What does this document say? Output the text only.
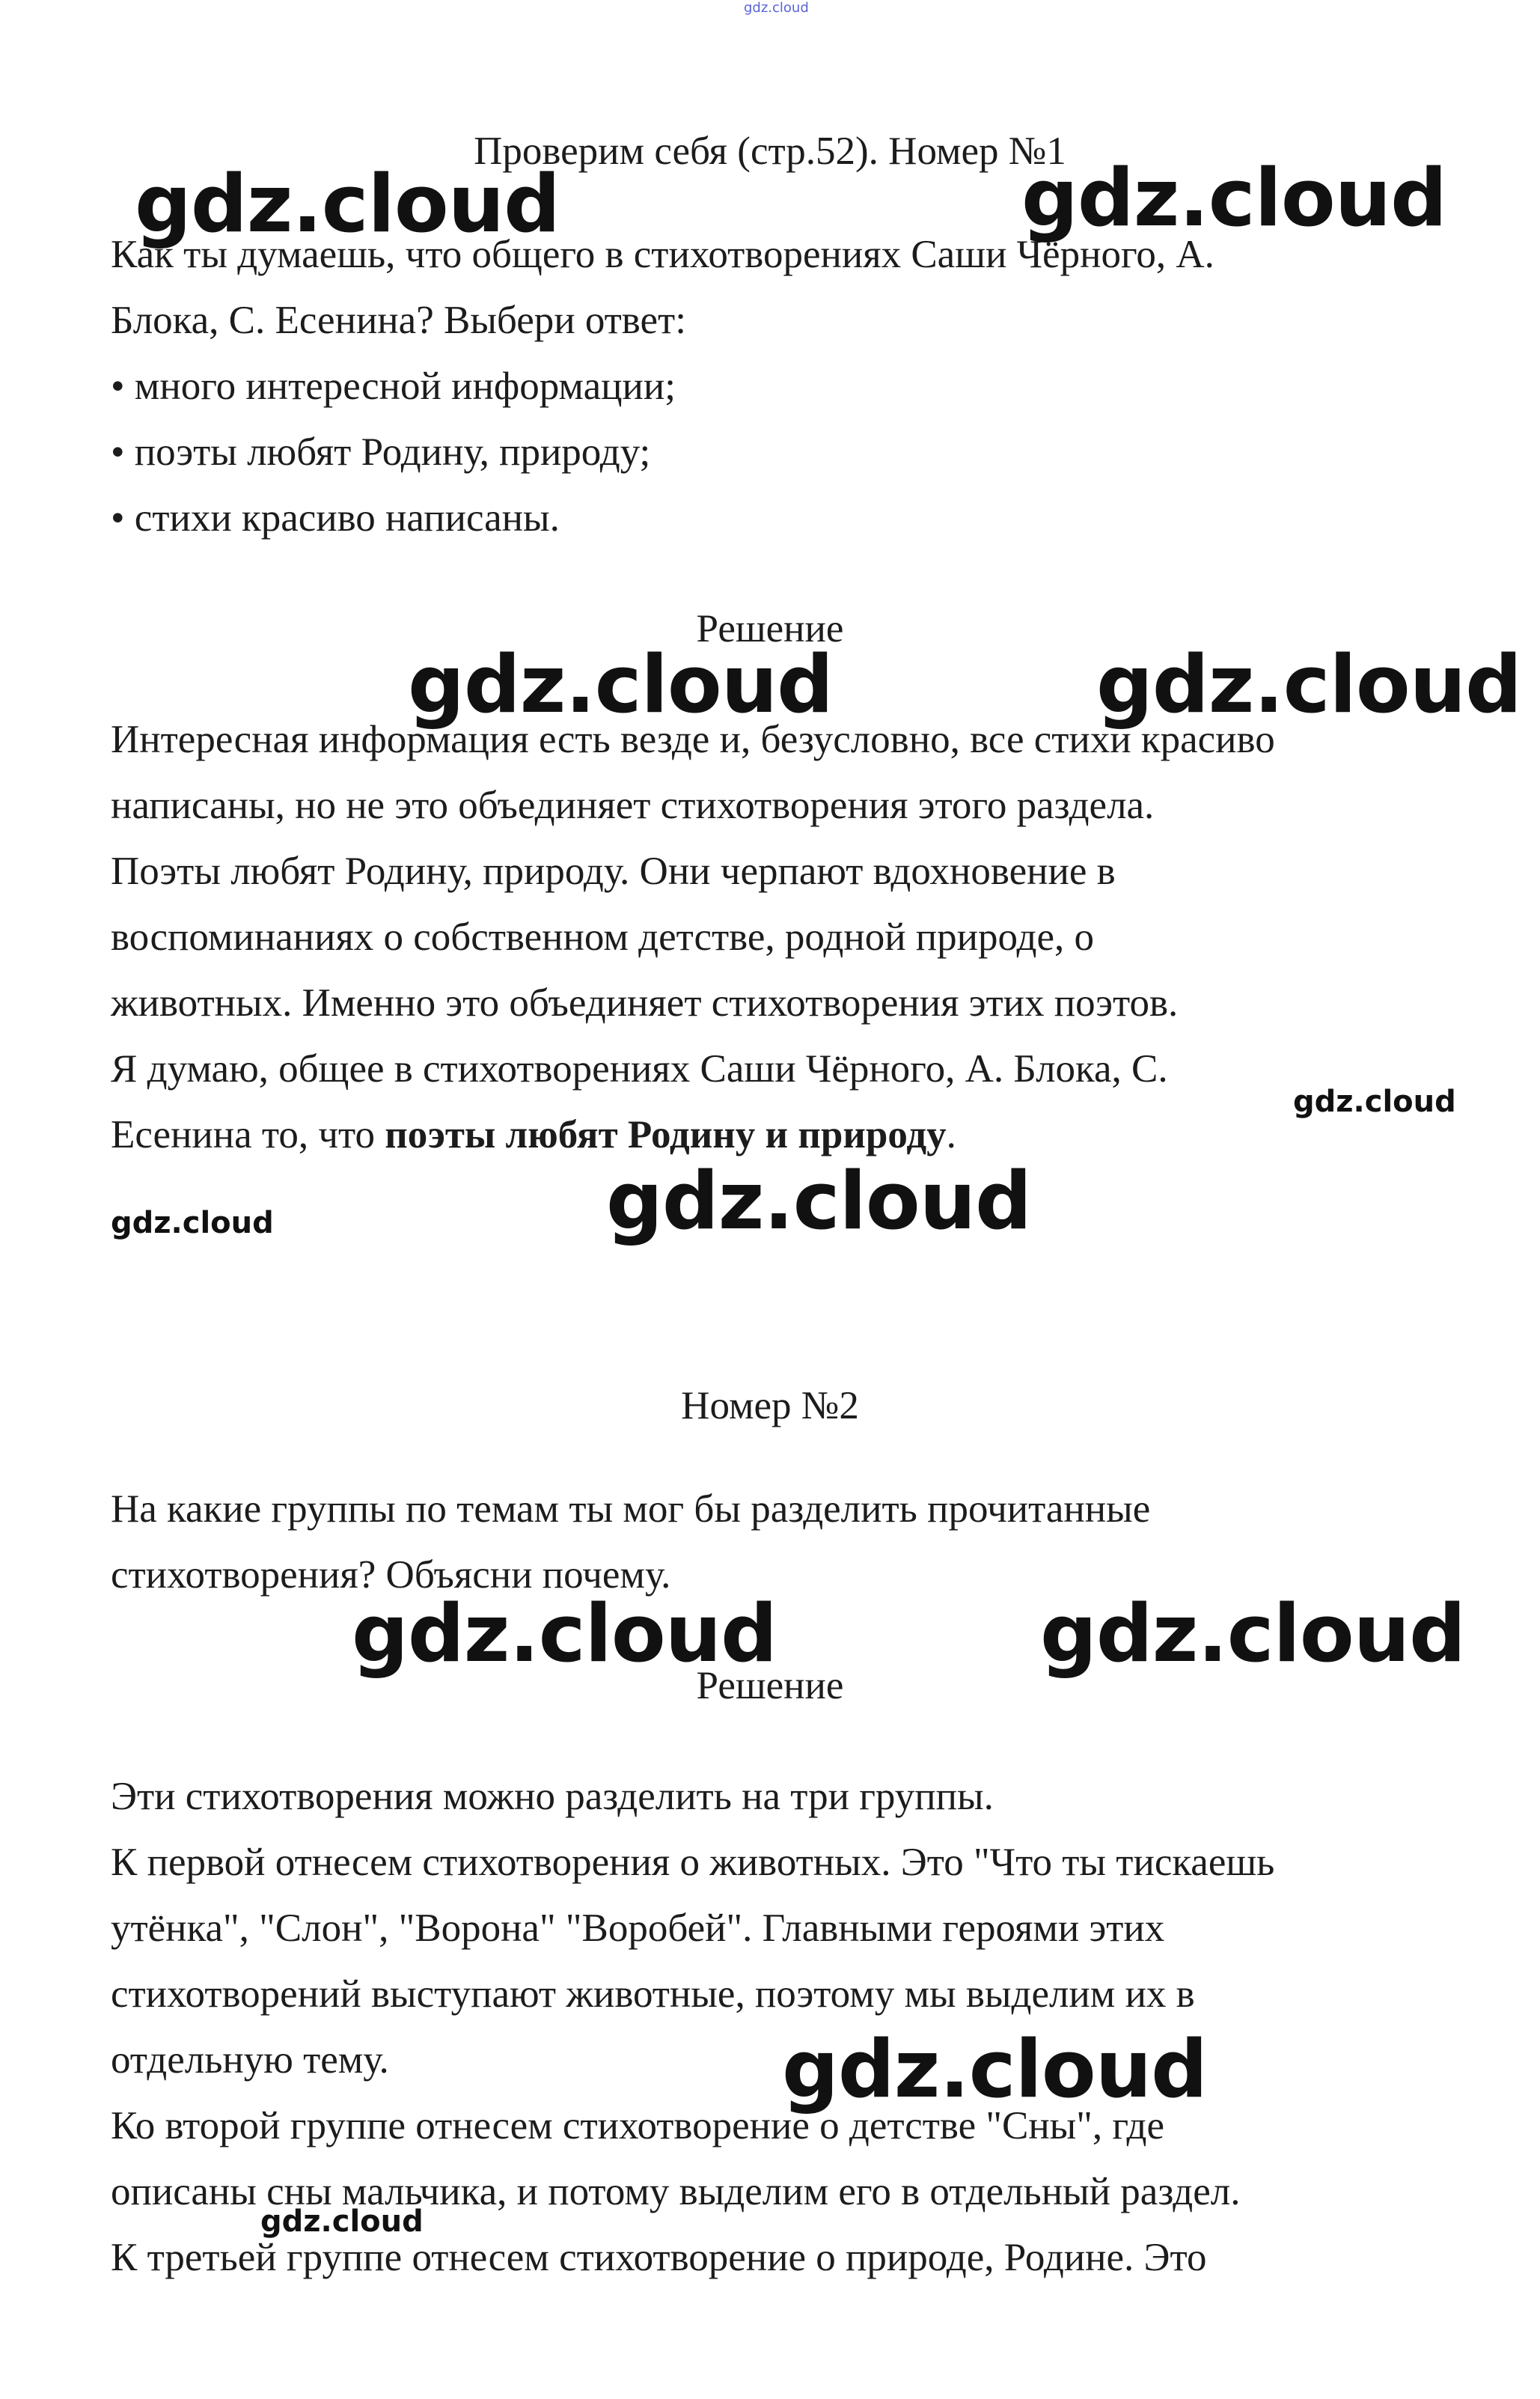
gdz.cloud

Проверим себя (стр.52). Номер №1

Как ты думаешь, что общего в стихотворениях Саши Чёрного, А.

Блока, С. Есенина? Выбери ответ:

• много интересной информации;

• поэты любят Родину, природу;

• стихи красиво написаны.

Решение

Интересная информация есть везде и, безусловно, все стихи красиво

написаны, но не это объединяет стихотворения этого раздела.

Поэты любят Родину, природу. Они черпают вдохновение в

воспоминаниях о собственном детстве, родной природе, о

животных. Именно это объединяет стихотворения этих поэтов.

Я думаю, общее в стихотворениях Саши Чёрного, А. Блока, С.

Есенина то, что поэты любят Родину и природу.

Номер №2

На какие группы по темам ты мог бы разделить прочитанные

стихотворения? Объясни почему.

Решение

Эти стихотворения можно разделить на три группы.

К первой отнесем стихотворения о животных. Это "Что ты тискаешь

утёнка", "Слон", "Ворона" "Воробей". Главными героями этих

стихотворений выступают животные, поэтому мы выделим их в

отдельную тему.

Ко второй группе отнесем стихотворение о детстве "Сны", где

описаны сны мальчика, и потому выделим его в отдельный раздел.

К третьей группе отнесем стихотворение о природе, Родине. Это

gdz.cloud	gdz.cloud
gdz.cloud	gdz.cloud
gdz.cloud
gdz.cloud
gdz.cloud
gdz.cloud	gdz.cloud
gdz.cloud
gdz.cloud
